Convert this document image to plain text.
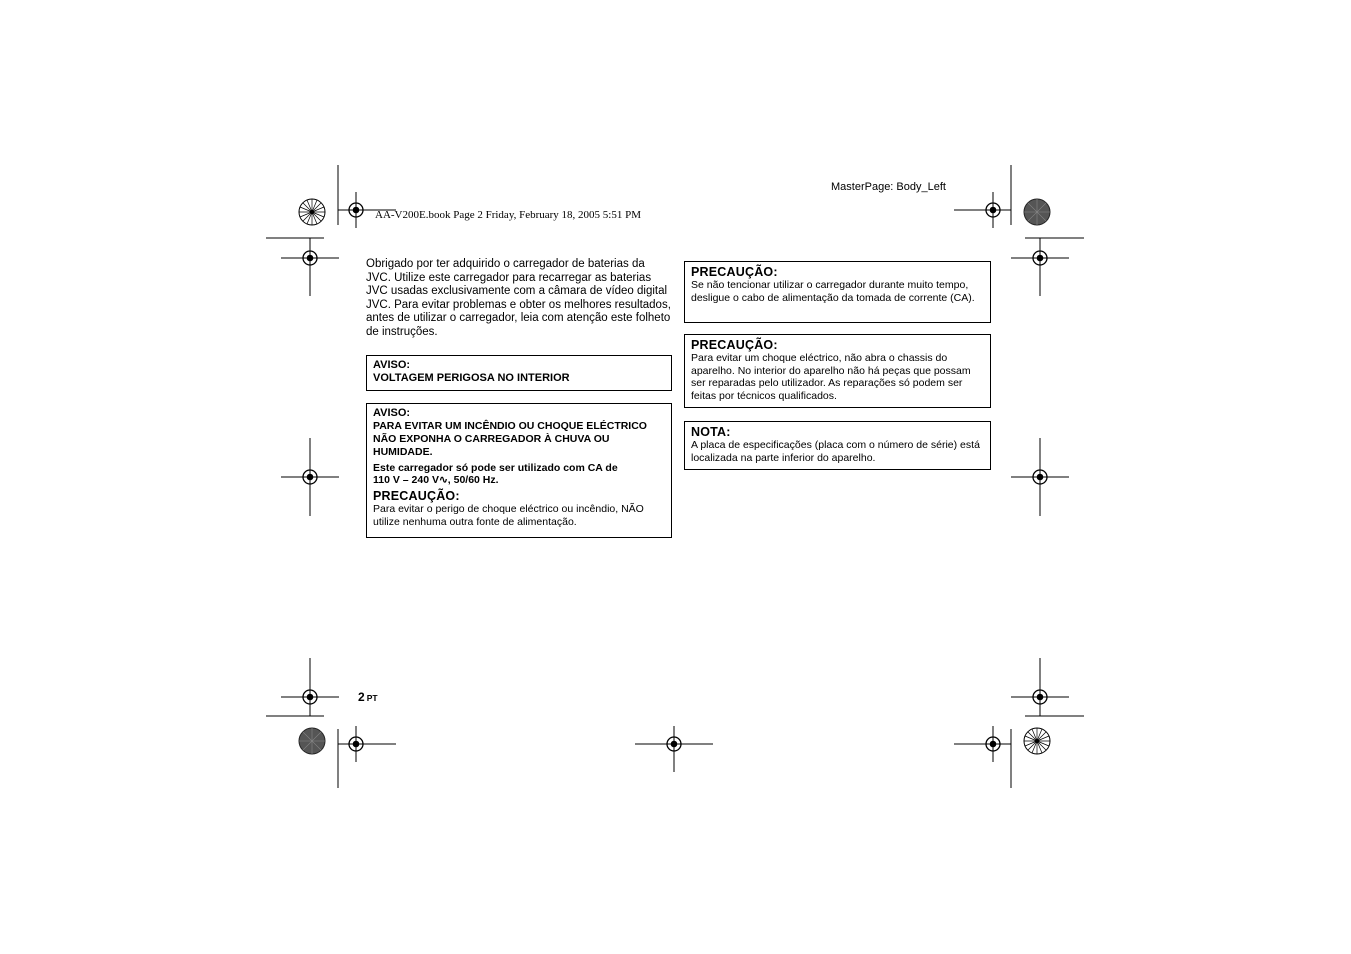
MasterPage: Body_Left
AA-V200E.book Page 2 Friday, February 18, 2005 5:51 PM
Obrigado por ter adquirido o carregador de baterias da JVC. Utilize este carregador para recarregar as baterias JVC usadas exclusivamente com a câmara de vídeo digital JVC. Para evitar problemas e obter os melhores resultados, antes de utilizar o carregador, leia com atenção este folheto de instruções.
AVISO:
VOLTAGEM PERIGOSA NO INTERIOR
AVISO:
PARA EVITAR UM INCÊNDIO OU CHOQUE ELÉCTRICO NÃO EXPONHA O CARREGADOR À CHUVA OU HUMIDADE.
Este carregador só pode ser utilizado com CA de
110 V – 240 V∿, 50/60 Hz.
PRECAUÇÃO:
Para evitar o perigo de choque eléctrico ou incêndio, NÃO utilize nenhuma outra fonte de alimentação.
PRECAUÇÃO:
Se não tencionar utilizar o carregador durante muito tempo, desligue o cabo de alimentação da tomada de corrente (CA).
PRECAUÇÃO:
Para evitar um choque eléctrico, não abra o chassis do aparelho. No interior do aparelho não há peças que possam ser reparadas pelo utilizador. As reparações só podem ser feitas por técnicos qualificados.
NOTA:
A placa de especificações (placa com o número de série) está localizada na parte inferior do aparelho.
2 PT
